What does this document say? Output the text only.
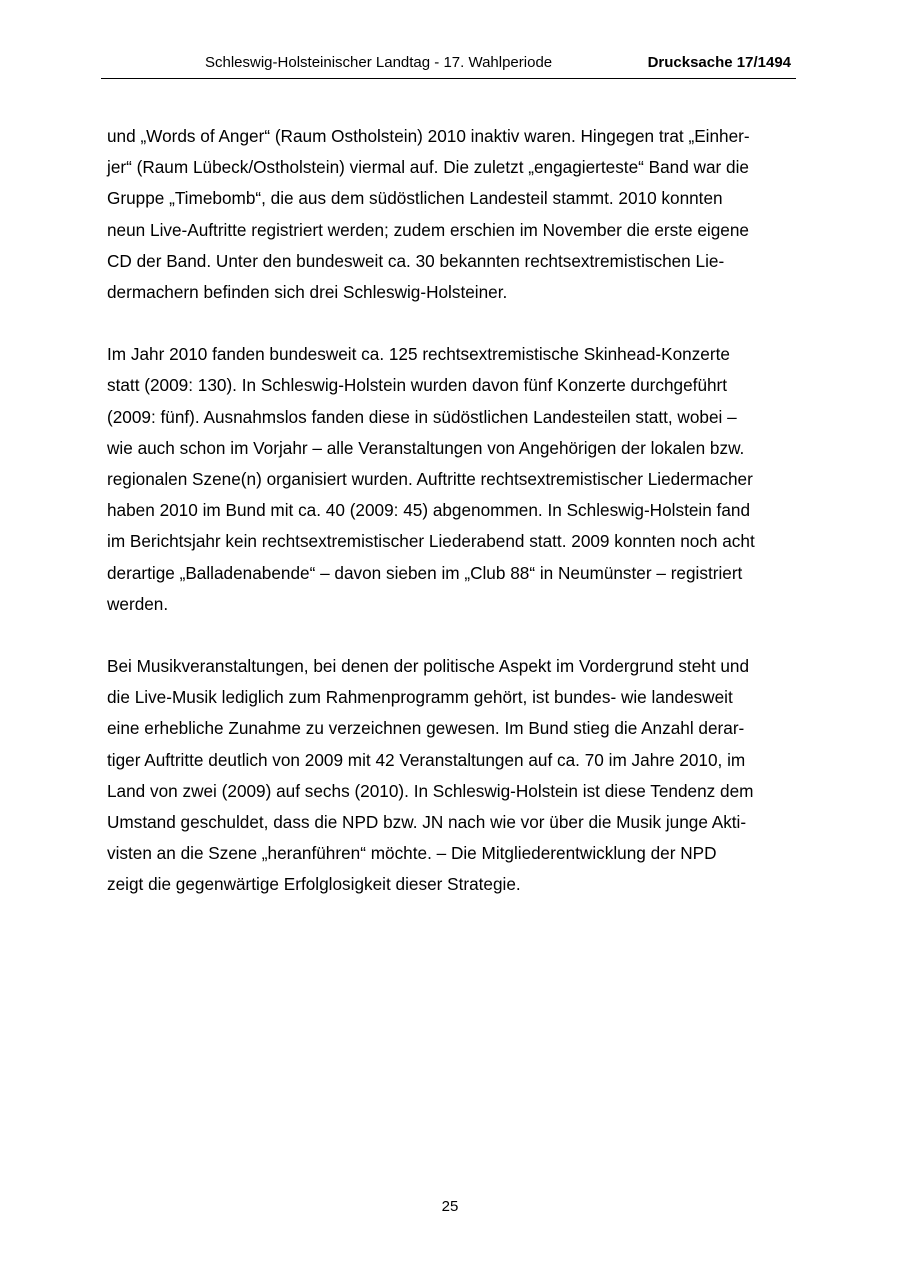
Schleswig-Holsteinischer Landtag - 17. Wahlperiode	Drucksache 17/1494

und „Words of Anger“ (Raum Ostholstein) 2010 inaktiv waren. Hingegen trat „Einher-
jer“ (Raum Lübeck/Ostholstein) viermal auf. Die zuletzt „engagierteste“ Band war die
Gruppe „Timebomb“, die aus dem südöstlichen Landesteil stammt. 2010 konnten
neun Live-Auftritte registriert werden; zudem erschien im November die erste eigene
CD der Band. Unter den bundesweit ca. 30 bekannten rechtsextremistischen Lie-
dermachern befinden sich drei Schleswig-Holsteiner.

Im Jahr 2010 fanden bundesweit ca. 125 rechtsextremistische Skinhead-Konzerte
statt (2009: 130). In Schleswig-Holstein wurden davon fünf Konzerte durchgeführt
(2009: fünf). Ausnahmslos fanden diese in südöstlichen Landesteilen statt, wobei –
wie auch schon im Vorjahr – alle Veranstaltungen von Angehörigen der lokalen bzw.
regionalen Szene(n) organisiert wurden. Auftritte rechtsextremistischer Liedermacher
haben 2010 im Bund mit ca. 40 (2009: 45) abgenommen. In Schleswig-Holstein fand
im Berichtsjahr kein rechtsextremistischer Liederabend statt. 2009 konnten noch acht
derartige „Balladenabende“ – davon sieben im „Club 88“ in Neumünster – registriert
werden.

Bei Musikveranstaltungen, bei denen der politische Aspekt im Vordergrund steht und
die Live-Musik lediglich zum Rahmenprogramm gehört, ist bundes- wie landesweit
eine erhebliche Zunahme zu verzeichnen gewesen. Im Bund stieg die Anzahl derar-
tiger Auftritte deutlich von 2009 mit 42 Veranstaltungen auf ca. 70 im Jahre 2010, im
Land von zwei (2009) auf sechs (2010). In Schleswig-Holstein ist diese Tendenz dem
Umstand geschuldet, dass die NPD bzw. JN nach wie vor über die Musik junge Akti-
visten an die Szene „heranführen“ möchte. – Die Mitgliederentwicklung der NPD
zeigt die gegenwärtige Erfolglosigkeit dieser Strategie.

25
